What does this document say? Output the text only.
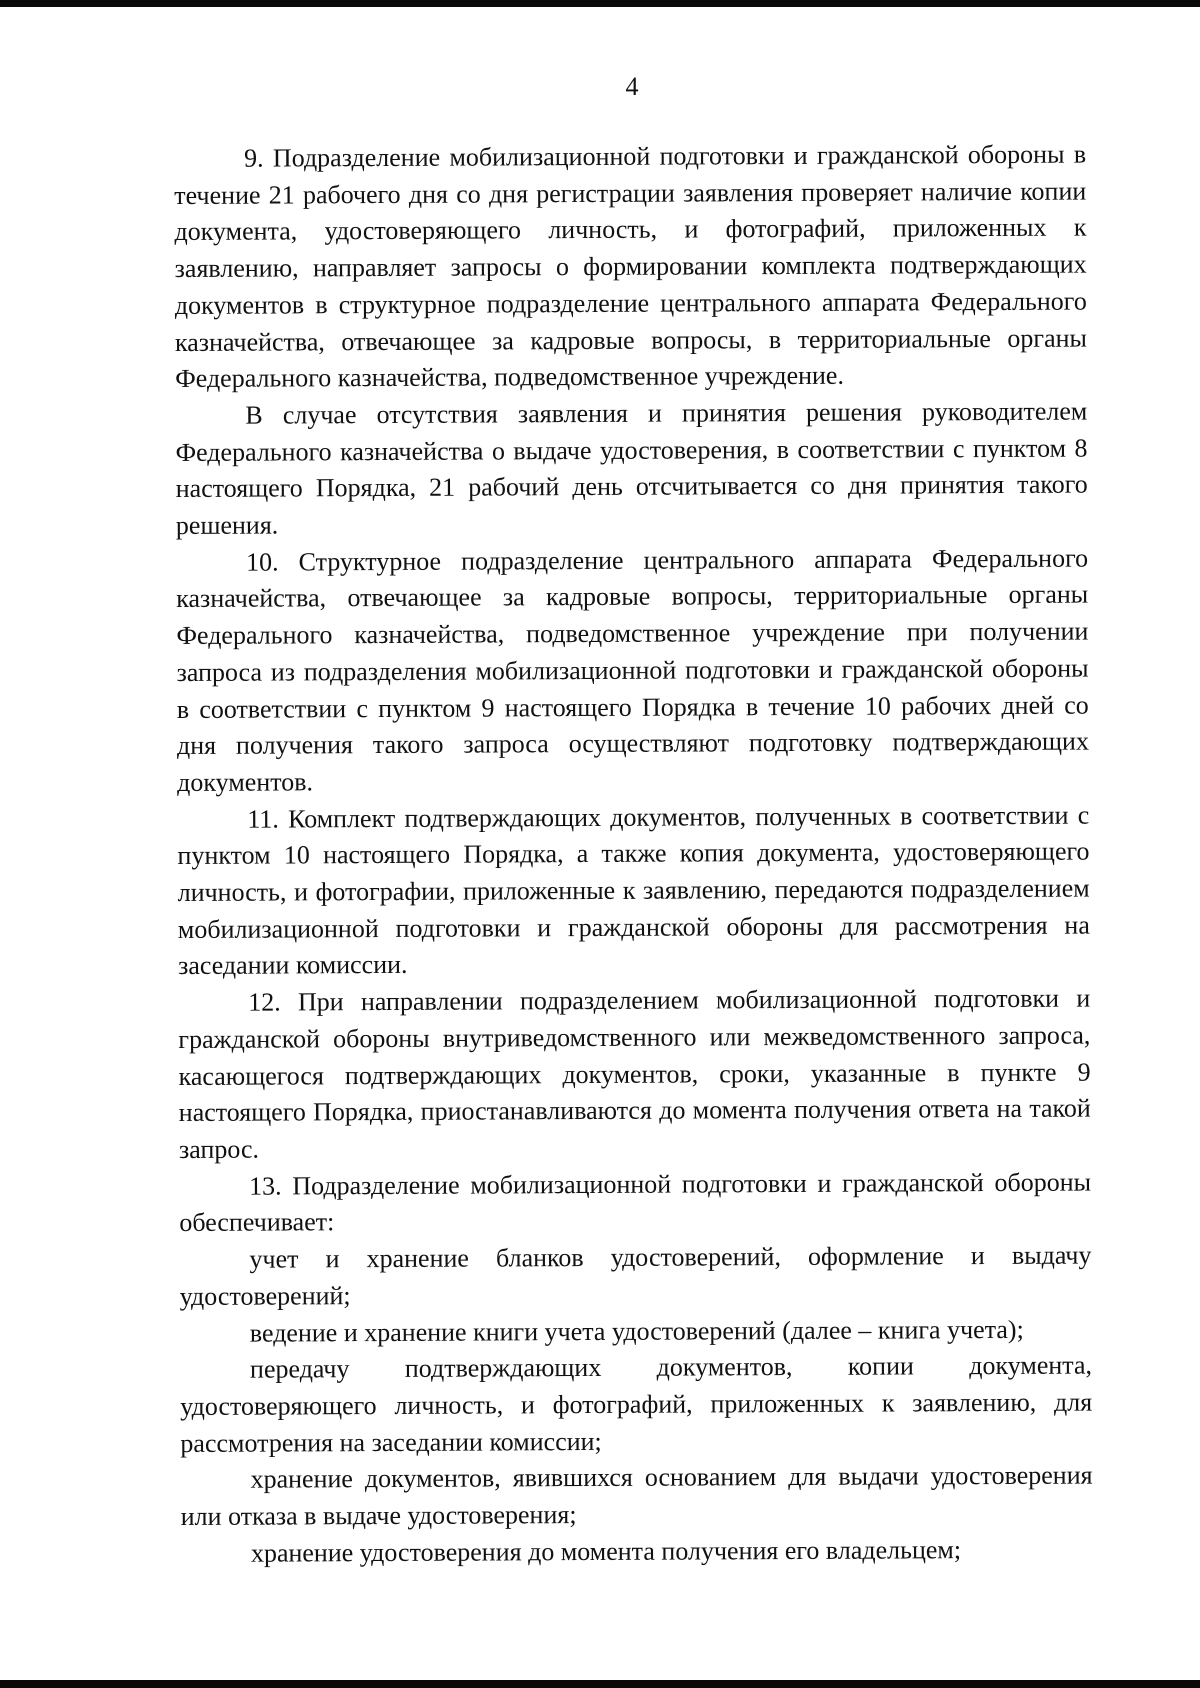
4

9. Подразделение мобилизационной подготовки и гражданской обороны в течение 21 рабочего дня со дня регистрации заявления проверяет наличие копии документа, удостоверяющего личность, и фотографий, приложенных к заявлению, направляет запросы о формировании комплекта подтверждающих документов в структурное подразделение центрального аппарата Федерального казначейства, отвечающее за кадровые вопросы, в территориальные органы Федерального казначейства, подведомственное учреждение.

В случае отсутствия заявления и принятия решения руководителем Федерального казначейства о выдаче удостоверения, в соответствии с пунктом 8 настоящего Порядка, 21 рабочий день отсчитывается со дня принятия такого решения.

10. Структурное подразделение центрального аппарата Федерального казначейства, отвечающее за кадровые вопросы, территориальные органы Федерального казначейства, подведомственное учреждение при получении запроса из подразделения мобилизационной подготовки и гражданской обороны в соответствии с пунктом 9 настоящего Порядка в течение 10 рабочих дней со дня получения такого запроса осуществляют подготовку подтверждающих документов.

11. Комплект подтверждающих документов, полученных в соответствии с пунктом 10 настоящего Порядка, а также копия документа, удостоверяющего личность, и фотографии, приложенные к заявлению, передаются подразделением мобилизационной подготовки и гражданской обороны для рассмотрения на заседании комиссии.

12. При направлении подразделением мобилизационной подготовки и гражданской обороны внутриведомственного или межведомственного запроса, касающегося подтверждающих документов, сроки, указанные в пункте 9 настоящего Порядка, приостанавливаются до момента получения ответа на такой запрос.

13. Подразделение мобилизационной подготовки и гражданской обороны обеспечивает:

учет и хранение бланков удостоверений, оформление и выдачу удостоверений;

ведение и хранение книги учета удостоверений (далее – книга учета);

передачу подтверждающих документов, копии документа, удостоверяющего личность, и фотографий, приложенных к заявлению, для рассмотрения на заседании комиссии;

хранение документов, явившихся основанием для выдачи удостоверения или отказа в выдаче удостоверения;

хранение удостоверения до момента получения его владельцем;
